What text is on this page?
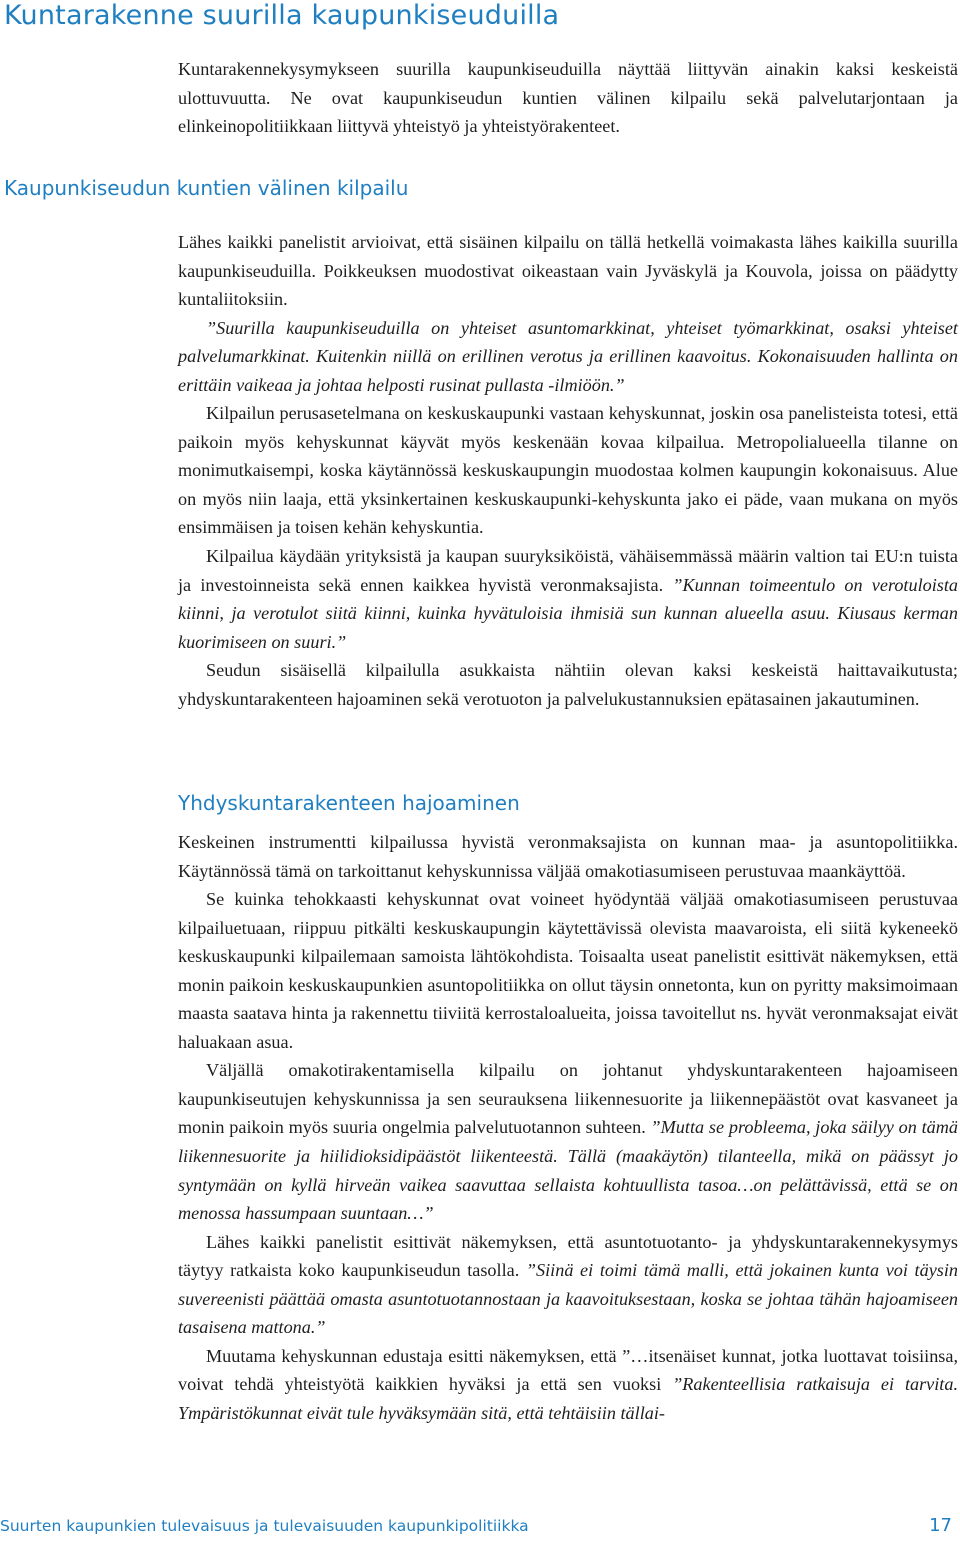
Kuntarakenne suurilla kaupunkiseuduilla

Kuntarakennekysymykseen suurilla kaupunkiseuduilla näyttää liittyvän ainakin kaksi keskeistä ulottuvuutta. Ne ovat kaupunkiseudun kuntien välinen kilpailu sekä palvelutarjontaan ja elinkeinopolitiikkaan liittyvä yhteistyö ja yhteistyörakenteet.

Kaupunkiseudun kuntien välinen kilpailu

Lähes kaikki panelistit arvioivat, että sisäinen kilpailu on tällä hetkellä voimakasta lähes kaikilla suurilla kaupunkiseuduilla. Poikkeuksen muodostivat oikeastaan vain Jyväskylä ja Kouvola, joissa on päädytty kuntaliitoksiin.

”Suurilla kaupunkiseuduilla on yhteiset asuntomarkkinat, yhteiset työmarkkinat, osaksi yhteiset palvelumarkkinat. Kuitenkin niillä on erillinen verotus ja erillinen kaavoitus. Kokonaisuuden hallinta on erittäin vaikeaa ja johtaa helposti rusinat pullasta -ilmiöön.”

Kilpailun perusasetelmana on keskuskaupunki vastaan kehyskunnat, joskin osa panelisteista totesi, että paikoin myös kehyskunnat käyvät myös keskenään kovaa kilpailua. Metropolialueella tilanne on monimutkaisempi, koska käytännössä keskuskaupungin muodostaa kolmen kaupungin kokonaisuus. Alue on myös niin laaja, että yksinkertainen keskuskaupunki-kehyskunta jako ei päde, vaan mukana on myös ensimmäisen ja toisen kehän kehyskuntia.

Kilpailua käydään yrityksistä ja kaupan suuryksiköistä, vähäisemmässä määrin valtion tai EU:n tuista ja investoinneista sekä ennen kaikkea hyvistä veronmaksajista. ”Kunnan toimeentulo on verotuloista kiinni, ja verotulot siitä kiinni, kuinka hyvätuloisia ihmisiä sun kunnan alueella asuu. Kiusaus kerman kuorimiseen on suuri.”

Seudun sisäisellä kilpailulla asukkaista nähtiin olevan kaksi keskeistä haittavaikutusta; yhdyskuntarakenteen hajoaminen sekä verotuoton ja palvelukustannuksien epätasainen jakautuminen.

Yhdyskuntarakenteen hajoaminen

Keskeinen instrumentti kilpailussa hyvistä veronmaksajista on kunnan maa- ja asuntopolitiikka. Käytännössä tämä on tarkoittanut kehyskunnissa väljää omakotiasumiseen perustuvaa maankäyttöä.

Se kuinka tehokkaasti kehyskunnat ovat voineet hyödyntää väljää omakotiasumiseen perustuvaa kilpailuetuaan, riippuu pitkälti keskuskaupungin käytettävissä olevista maavaroista, eli siitä kykeneekö keskuskaupunki kilpailemaan samoista lähtökohdista. Toisaalta useat panelistit esittivät näkemyksen, että monin paikoin keskuskaupunkien asuntopolitiikka on ollut täysin onnetonta, kun on pyritty maksimoimaan maasta saatava hinta ja rakennettu tiiviitä kerrostaloalueita, joissa tavoitellut ns. hyvät veronmaksajat eivät haluakaan asua.

Väljällä omakotirakentamisella kilpailu on johtanut yhdyskuntarakenteen hajoamiseen kaupunkiseutujen kehyskunnissa ja sen seurauksena liikennesuorite ja liikennepäästöt ovat kasvaneet ja monin paikoin myös suuria ongelmia palvelutuotannon suhteen. ”Mutta se probleema, joka säilyy on tämä liikennesuorite ja hiilidioksidipäästöt liikenteestä. Tällä (maakäytön) tilanteella, mikä on päässyt jo syntymään on kyllä hirveän vaikea saavuttaa sellaista kohtuullista tasoa…on pelättävissä, että se on menossa hassumpaan suuntaan…”

Lähes kaikki panelistit esittivät näkemyksen, että asuntotuotanto- ja yhdyskuntarakennekysymys täytyy ratkaista koko kaupunkiseudun tasolla. ”Siinä ei toimi tämä malli, että jokainen kunta voi täysin suvereenisti päättää omasta asuntotuotannostaan ja kaavoituksestaan, koska se johtaa tähän hajoamiseen tasaisena mattona.”

Muutama kehyskunnan edustaja esitti näkemyksen, että ”…itsenäiset kunnat, jotka luottavat toisiinsa, voivat tehdä yhteistyötä kaikkien hyväksi ja että sen vuoksi ”Rakenteellisia ratkaisuja ei tarvita. Ympäristökunnat eivät tule hyväksymään sitä, että tehtäisiin tällai-

Suurten kaupunkien tulevaisuus ja tulevaisuuden kaupunkipolitiikka	17
